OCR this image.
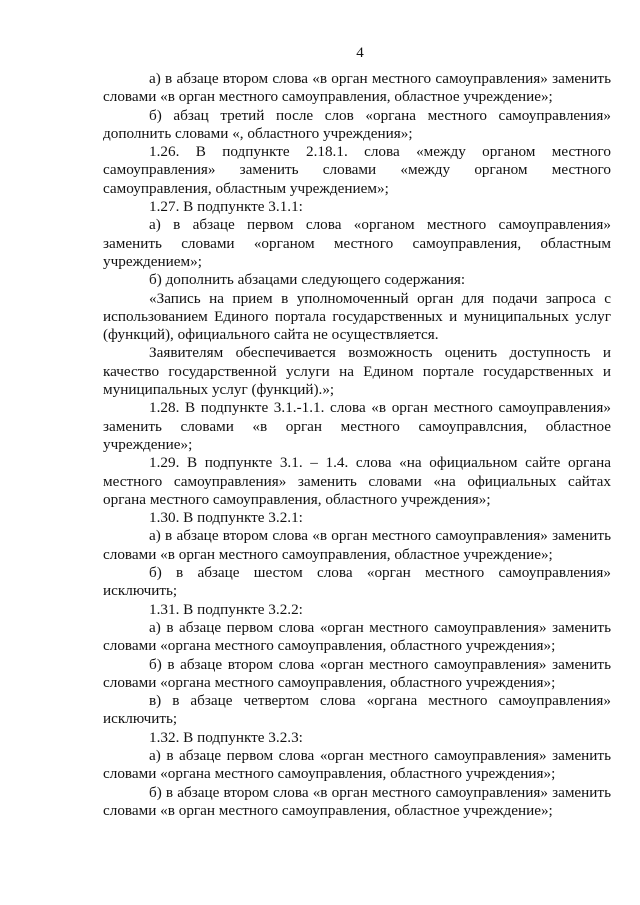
4

а) в абзаце втором слова «в орган местного самоуправления» заменить словами «в орган местного самоуправления, областное учреждение»;

б) абзац третий после слов «органа местного самоуправления» дополнить словами «, областного учреждения»;

1.26. В подпункте 2.18.1. слова «между органом местного самоуправления» заменить словами «между органом местного самоуправления, областным учреждением»;

1.27. В подпункте 3.1.1:

а) в абзаце первом слова «органом местного самоуправления» заменить словами «органом местного самоуправления, областным учреждением»;

б) дополнить абзацами следующего содержания:

«Запись на прием в уполномоченный орган для подачи запроса с использованием Единого портала государственных и муниципальных услуг (функций), официального сайта не осуществляется.

Заявителям обеспечивается возможность оценить доступность и качество государственной услуги на Едином портале государственных и муниципальных услуг (функций).»;

1.28. В подпункте 3.1.-1.1. слова «в орган местного самоуправления» заменить словами «в орган местного самоуправлсния, областное учреждение»;

1.29. В подпункте 3.1. – 1.4. слова «на официальном сайте органа местного самоуправления» заменить словами «на официальных сайтах органа местного самоуправления, областного учреждения»;

1.30. В подпункте 3.2.1:

а) в абзаце втором слова «в орган местного самоуправления» заменить словами «в орган местного самоуправления, областное учреждение»;

б) в абзаце шестом слова «орган местного самоуправления» исключить;

1.31. В подпункте 3.2.2:

а) в абзаце первом слова «орган местного самоуправления» заменить словами «органа местного самоуправления, областного учреждения»;

б) в абзаце втором слова «орган местного самоуправления» заменить словами «органа местного самоуправления, областного учреждения»;

в) в абзаце четвертом слова «органа местного самоуправления» исключить;

1.32. В подпункте 3.2.3:

а) в абзаце первом слова «орган местного самоуправления» заменить словами «органа местного самоуправления, областного учреждения»;

б) в абзаце втором слова «в орган местного самоуправления» заменить словами «в орган местного самоуправления, областное учреждение»;
